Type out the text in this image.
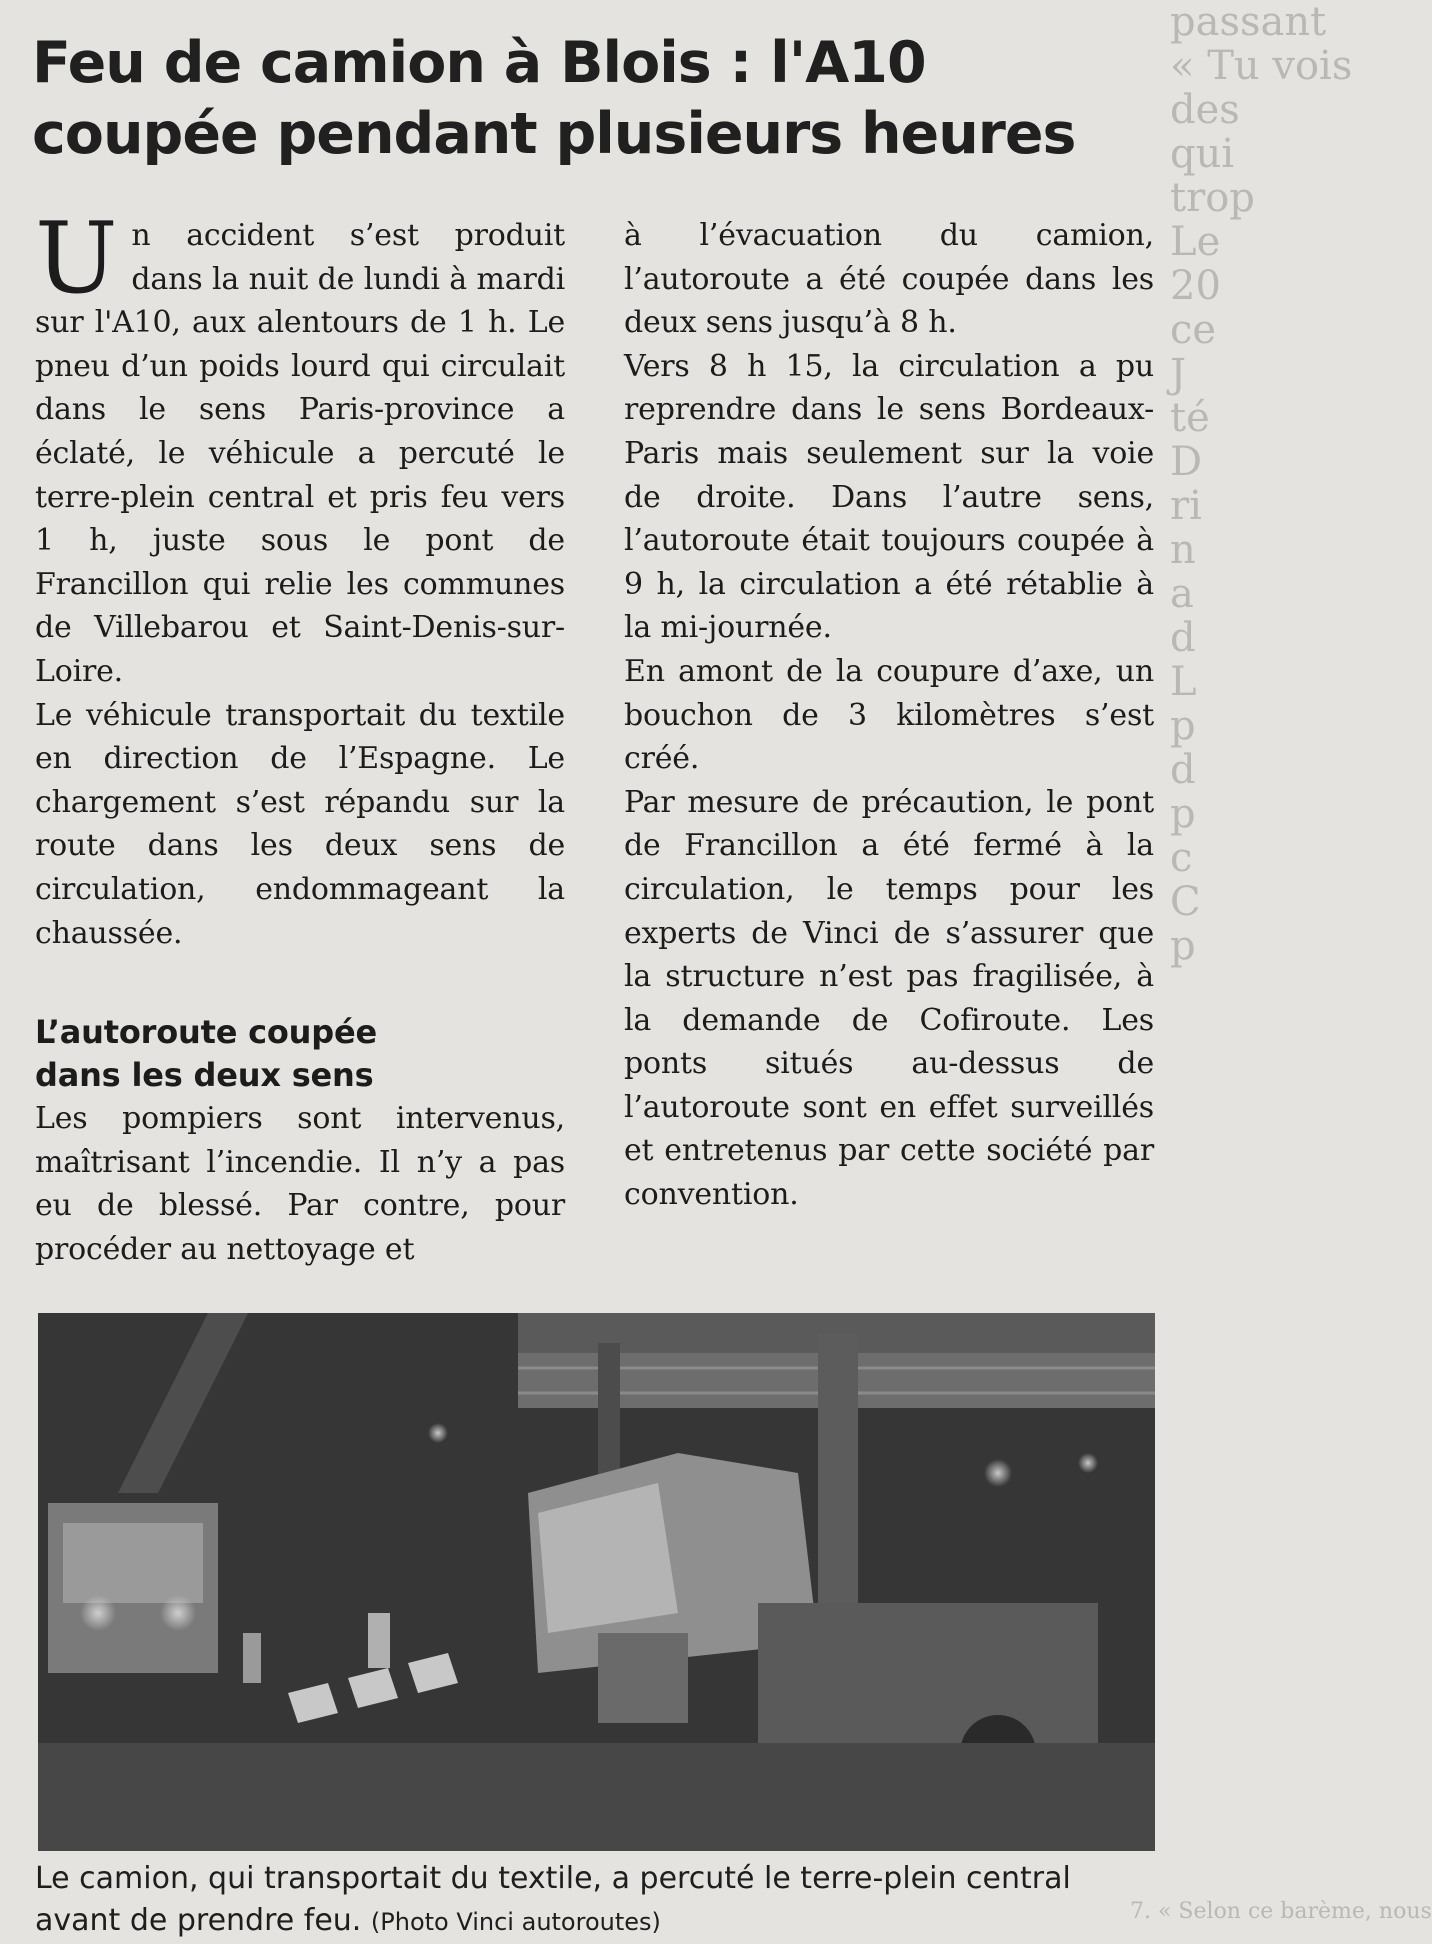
passant
« Tu vois
des
qui
trop
Le
20
ce
J
té
D
ri
n
a
d
L
p
d
p
c
C
p
Feu de camion à Blois : l'A10
coupée pendant plusieurs heures

Un accident s’est produit dans la nuit de lundi à mardi sur l'A10, aux alentours de 1 h. Le pneu d’un poids lourd qui circulait dans le sens Paris-province a éclaté, le véhicule a percuté le terre-plein central et pris feu vers 1 h, juste sous le pont de Francillon qui relie les communes de Villebarou et Saint-Denis-sur-Loire.

Le véhicule transportait du textile en direction de l’Espagne. Le chargement s’est répandu sur la route dans les deux sens de circulation, endommageant la chaussée.

L’autoroute coupée
dans les deux sens

Les pompiers sont intervenus, maîtrisant l’incendie. Il n’y a pas eu de blessé. Par contre, pour procéder au nettoyage et

à l’évacuation du camion, l’autoroute a été coupée dans les deux sens jusqu’à 8 h.

Vers 8 h 15, la circulation a pu reprendre dans le sens Bordeaux-Paris mais seulement sur la voie de droite. Dans l’autre sens, l’autoroute était toujours coupée à 9 h, la circulation a été rétablie à la mi-journée.

En amont de la coupure d’axe, un bouchon de 3 kilomètres s’est créé.

Par mesure de précaution, le pont de Francillon a été fermé à la circulation, le temps pour les experts de Vinci de s’assurer que la structure n’est pas fragilisée, à la demande de Cofiroute. Les ponts situés au-dessus de l’autoroute sont en effet surveillés et entretenus par cette société par convention.

Le camion, qui transportait du textile, a percuté le terre-plein central avant de prendre feu. (Photo Vinci autoroutes)	7. « Selon ce barème, nous
